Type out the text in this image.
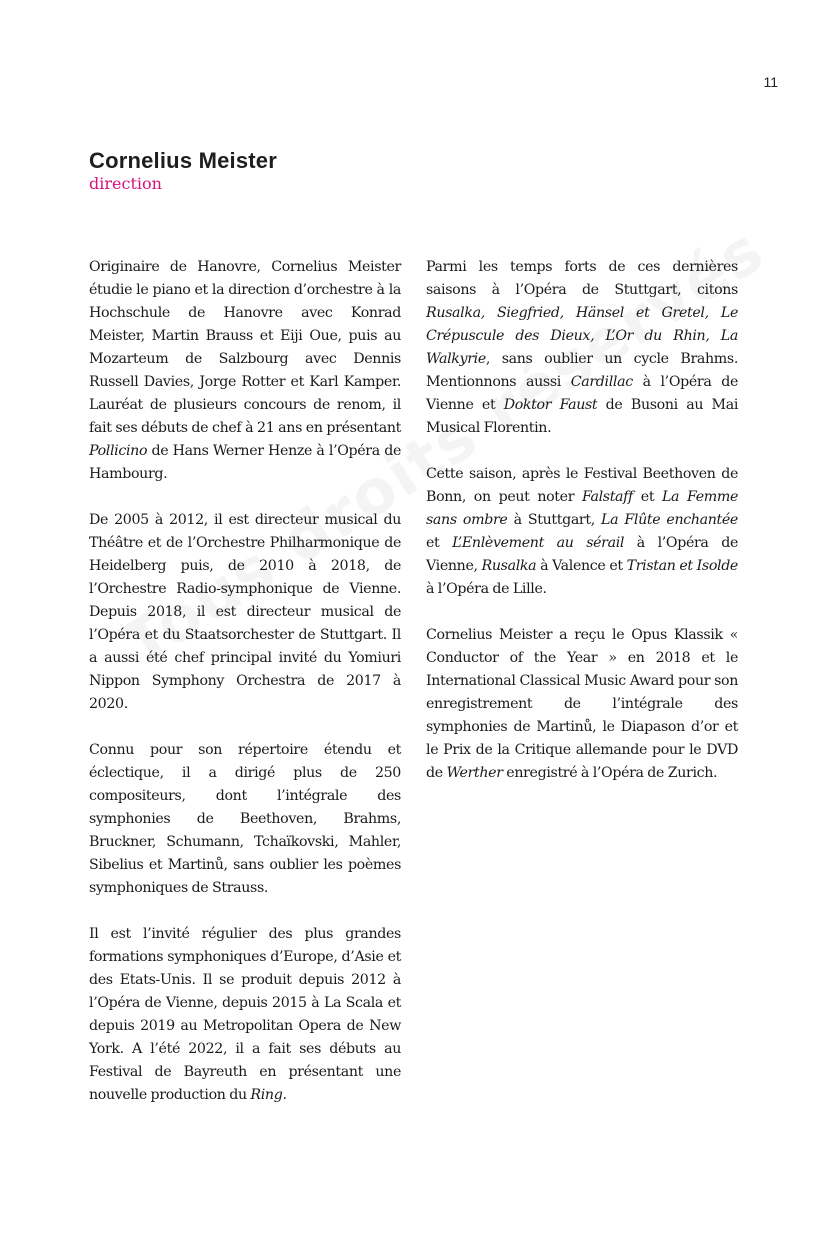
11
Cornelius Meister
direction

Originaire de Hanovre, Cornelius Meister étudie le piano et la direction d’orchestre à la Hochschule de Hanovre avec Konrad Meister, Martin Brauss et Eiji Oue, puis au Mozarteum de Salzbourg avec Dennis Russell Davies, Jorge Rotter et Karl Kamper. Lauréat de plusieurs concours de renom, il fait ses débuts de chef à 21 ans en présentant Pollicino de Hans Werner Henze à l’Opéra de Hambourg.

De 2005 à 2012, il est directeur musical du Théâtre et de l’Orchestre Philharmonique de Heidelberg puis, de 2010 à 2018, de l’Orchestre Radio-symphonique de Vienne. Depuis 2018, il est directeur musical de l’Opéra et du Staatsorchester de Stuttgart. Il a aussi été chef principal invité du Yomiuri Nippon Symphony Orchestra de 2017 à 2020.

Connu pour son répertoire étendu et éclectique, il a dirigé plus de 250 compositeurs, dont l’intégrale des symphonies de Beethoven, Brahms, Bruckner, Schumann, Tchaïkovski, Mahler, Sibelius et Martinů, sans oublier les poèmes symphoniques de Strauss.

Il est l’invité régulier des plus grandes formations symphoniques d’Europe, d’Asie et des Etats-Unis. Il se produit depuis 2012 à l’Opéra de Vienne, depuis 2015 à La Scala et depuis 2019 au Metropolitan Opera de New York. A l’été 2022, il a fait ses débuts au Festival de Bayreuth en présentant une nouvelle production du Ring.

Parmi les temps forts de ces dernières saisons à l’Opéra de Stuttgart, citons Rusalka, Siegfried, Hänsel et Gretel, Le Crépuscule des Dieux, L’Or du Rhin, La Walkyrie, sans oublier un cycle Brahms. Mentionnons aussi Cardillac à l’Opéra de Vienne et Doktor Faust de Busoni au Mai Musical Florentin.

Cette saison, après le Festival Beethoven de Bonn, on peut noter Falstaff et La Femme sans ombre à Stuttgart, La Flûte enchantée et L’Enlèvement au sérail à l’Opéra de Vienne, Rusalka à Valence et Tristan et Isolde à l’Opéra de Lille.

Cornelius Meister a reçu le Opus Klassik « Conductor of the Year » en 2018 et le International Classical Music Award pour son enregistrement de l’intégrale des symphonies de Martinů, le Diapason d’or et le Prix de la Critique allemande pour le DVD de Werther enregistré à l’Opéra de Zurich.
